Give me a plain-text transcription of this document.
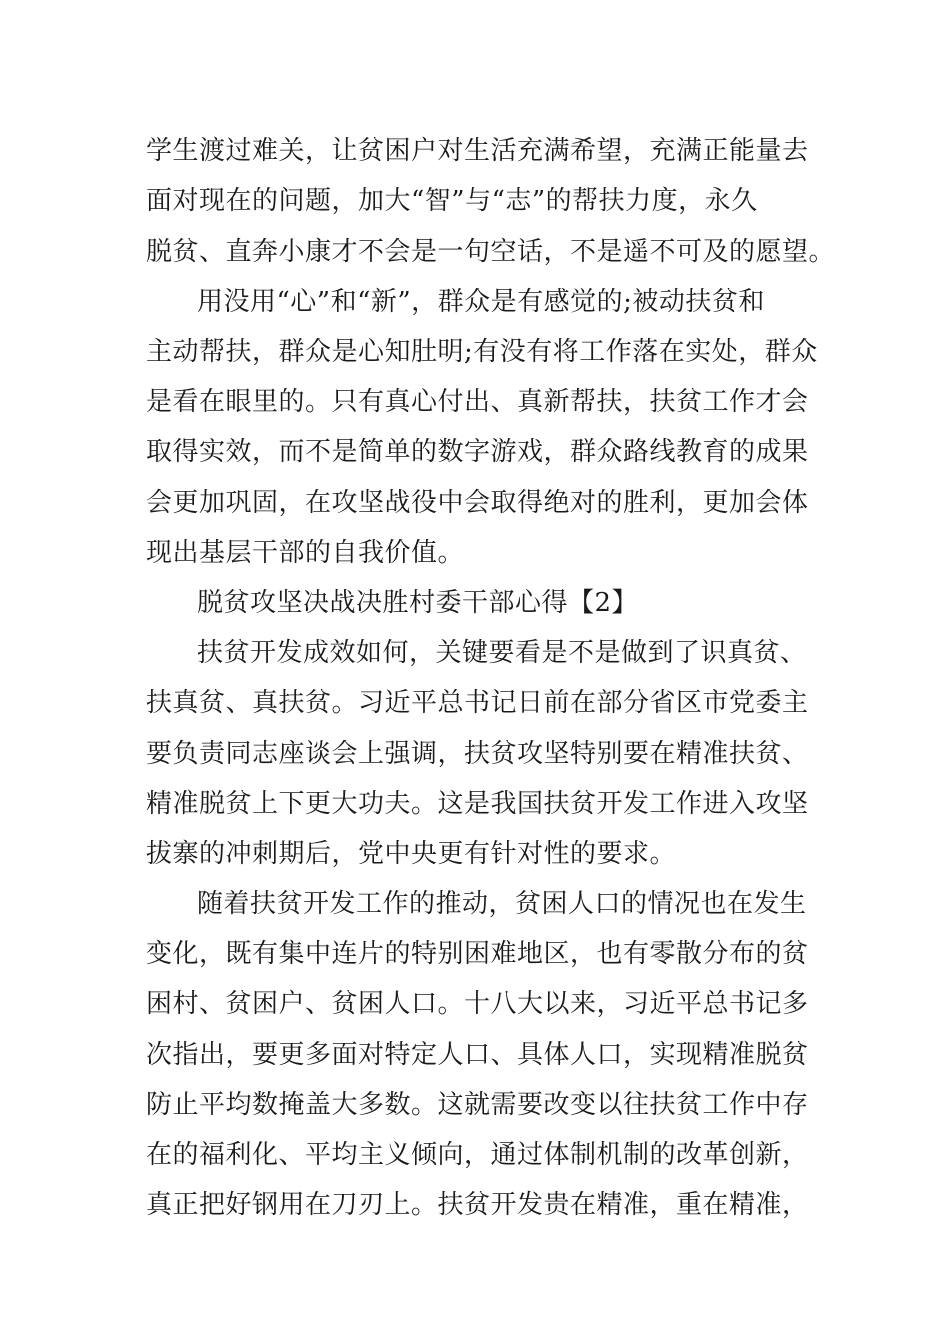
学生渡过难关，让贫困户对生活充满希望，充满正能量去
面对现在的问题，加大“智”与“志”的帮扶力度，永久
脱贫、直奔小康才不会是一句空话，不是遥不可及的愿望。
用没用“心”和“新”，群众是有感觉的;被动扶贫和
主动帮扶，群众是心知肚明;有没有将工作落在实处，群众
是看在眼里的。只有真心付出、真新帮扶，扶贫工作才会
取得实效，而不是简单的数字游戏，群众路线教育的成果
会更加巩固，在攻坚战役中会取得绝对的胜利，更加会体
现出基层干部的自我价值。
脱贫攻坚决战决胜村委干部心得【2】
扶贫开发成效如何，关键要看是不是做到了识真贫、
扶真贫、真扶贫。习近平总书记日前在部分省区市党委主
要负责同志座谈会上强调，扶贫攻坚特别要在精准扶贫、
精准脱贫上下更大功夫。这是我国扶贫开发工作进入攻坚
拔寨的冲刺期后，党中央更有针对性的要求。
随着扶贫开发工作的推动，贫困人口的情况也在发生
变化，既有集中连片的特别困难地区，也有零散分布的贫
困村、贫困户、贫困人口。十八大以来，习近平总书记多
次指出，要更多面对特定人口、具体人口，实现精准脱贫
防止平均数掩盖大多数。这就需要改变以往扶贫工作中存
在的福利化、平均主义倾向，通过体制机制的改革创新，
真正把好钢用在刀刃上。扶贫开发贵在精准，重在精准，
